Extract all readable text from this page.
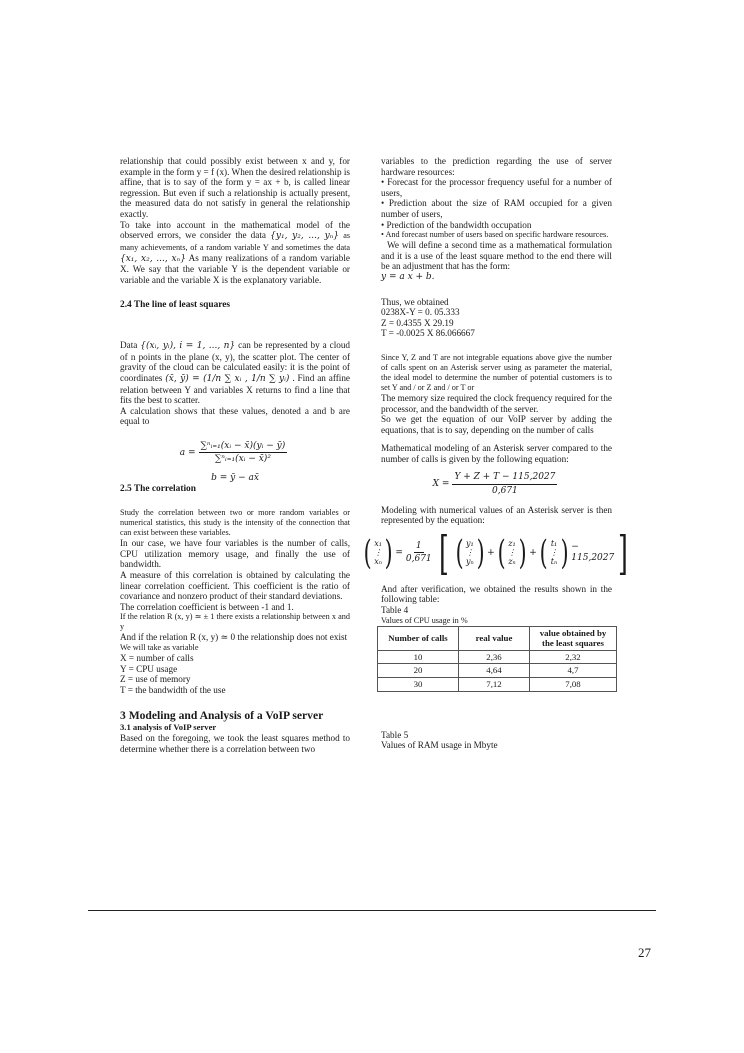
relationship that could possibly exist between x and y, for example in the form y = f (x). When the desired relationship is affine, that is to say of the form y = ax + b, is called linear regression. But even if such a relationship is actually present, the measured data do not satisfy in general the relationship exactly.

To take into account in the mathematical model of the observed errors, we consider the data {y₁, y₂, ..., yₙ} as many achievements, of a random variable Y and sometimes the data {x₁, x₂, ..., xₙ} As many realizations of a random variable X. We say that the variable Y is the dependent variable or variable and the variable X is the explanatory variable.

2.4 The line of least squares

Data {(xᵢ, yᵢ), i = 1, ..., n} can be represented by a cloud of n points in the plane (x, y), the scatter plot. The center of gravity of the cloud can be calculated easily: it is the point of coordinates (x̄, ȳ) = (1/n ∑ xᵢ , 1/n ∑ yᵢ) . Find an affine relation between Y and variables X returns to find a line that fits the best to scatter.

A calculation shows that these values, denoted a and b are equal to

$a = \frac{\text{∑ⁿᵢ₌₁(xᵢ − x̄)(yᵢ − ȳ)}}{\text{∑ⁿᵢ₌₁(xᵢ − x̄)²}}$
b = ȳ − ax̄

2.5 The correlation

Study the correlation between two or more random variables or numerical statistics, this study is the intensity of the connection that can exist between these variables.

In our case, we have four variables is the number of calls, CPU utilization memory usage, and finally the use of bandwidth.

A measure of this correlation is obtained by calculating the linear correlation coefficient. This coefficient is the ratio of covariance and nonzero product of their standard deviations.

The correlation coefficient is between -1 and 1.

If the relation R (x, y) ≃ ± 1 there exists a relationship between x and y

And if the relation R (x, y) ≃ 0 the relationship does not exist

We will take as variable

X = number of calls

Y = CPU usage

Z = use of memory

T = the bandwidth of the use

3 Modeling and Analysis of a VoIP server

3.1 analysis of VoIP server

Based on the foregoing, we took the least squares method to determine whether there is a correlation between two

variables to the prediction regarding the use of server hardware resources:

• Forecast for the processor frequency useful for a number of users,

• Prediction about the size of RAM occupied for a given number of users,

• Prediction of the bandwidth occupation

• And forecast number of users based on specific hardware resources.

We will define a second time as a mathematical formulation and it is a use of the least square method to the end there will be an adjustment that has the form:

y = a x + b.

Thus, we obtained

0238X-Y = 0. 05.333

Z = 0.4355 X 29.19

T = -0.0025 X 86.066667

Since Y, Z and T are not integrable equations above give the number of calls spent on an Asterisk server using as parameter the material, the ideal model to determine the number of potential customers is to set Y and / or Z and / or T or

The memory size required the clock frequency required for the processor, and the bandwidth of the server.

So we get the equation of our VoIP server by adding the equations, that is to say, depending on the number of calls

Mathematical modeling of an Asterisk server compared to the number of calls is given by the following equation:

$X = \frac{Y + Z + T - 115,2027}{0,671}$

Modeling with numerical values of an Asterisk server is then represented by the equation:

( x₁
⋮
xₙ ) = $\frac{1}{0,671}$ [ ( y₁
⋮
yₙ ) + ( z₁
⋮
zₙ ) + ( t₁
⋮
tₙ ) − 115,2027 ]

And after verification, we obtained the results shown in the following table:

Table 4

Values of CPU usage in %

Number of calls	real value	value obtained by the least squares
10	2,36	2,32
20	4,64	4,7
30	7,12	7,08

Table 5

Values of RAM usage in Mbyte

27
